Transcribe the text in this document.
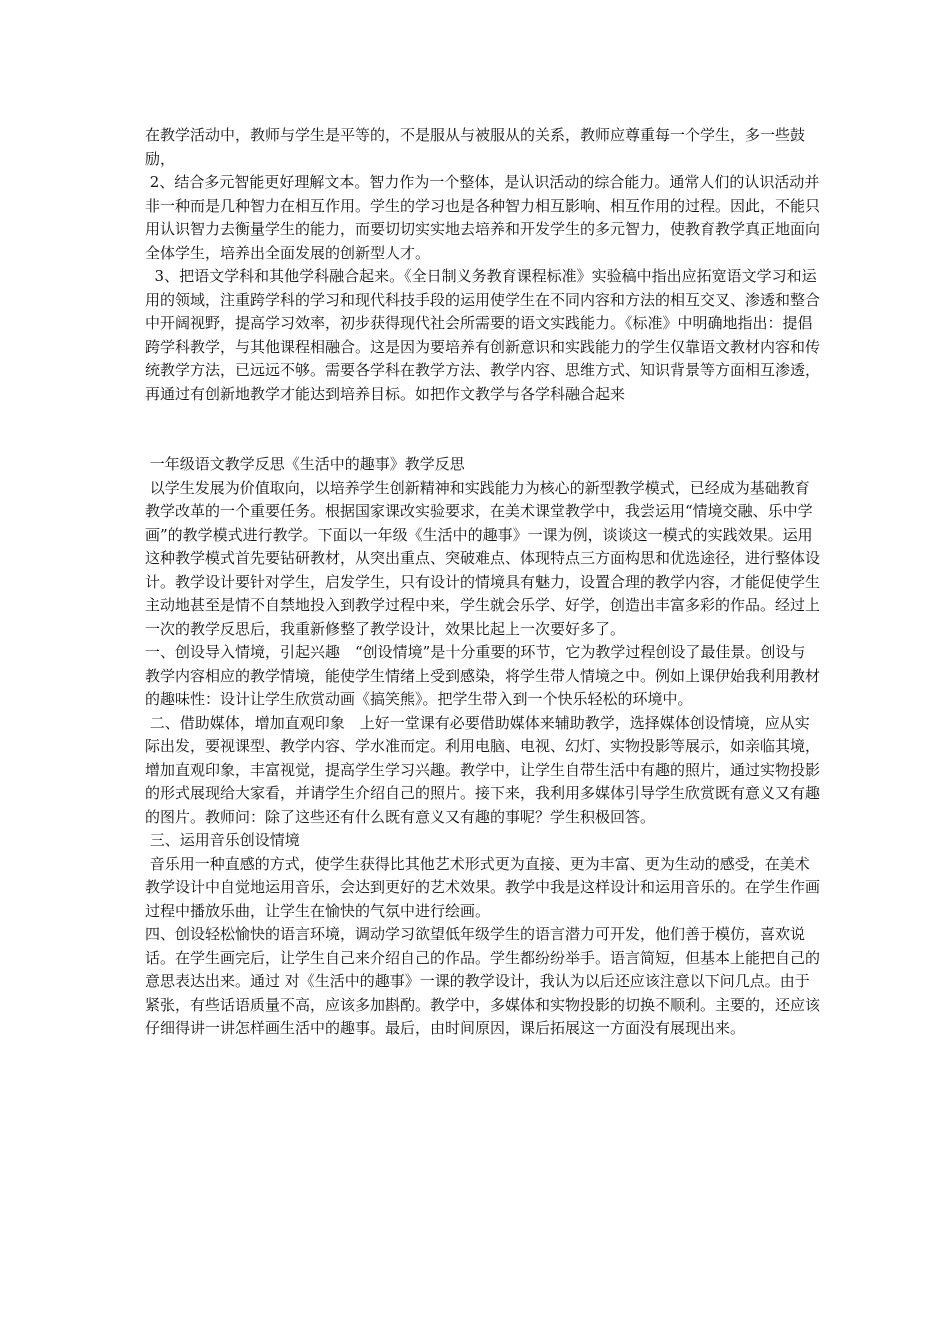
在教学活动中，教师与学生是平等的，不是服从与被服从的关系，教师应尊重每一个学生，多一些鼓励，

2、结合多元智能更好理解文本。智力作为一个整体，是认识活动的综合能力。通常人们的认识活动并非一种而是几种智力在相互作用。学生的学习也是各种智力相互影响、相互作用的过程。因此，不能只用认识智力去衡量学生的能力，而要切切实实地去培养和开发学生的多元智力，使教育教学真正地面向全体学生，培养出全面发展的创新型人才。

3、把语文学科和其他学科融合起来。《全日制义务教育课程标准》实验稿中指出应拓宽语文学习和运用的领域，注重跨学科的学习和现代科技手段的运用使学生在不同内容和方法的相互交叉、渗透和整合中开阔视野，提高学习效率，初步获得现代社会所需要的语文实践能力。《标准》中明确地指出：提倡跨学科教学，与其他课程相融合。这是因为要培养有创新意识和实践能力的学生仅靠语文教材内容和传统教学方法，已远远不够。需要各学科在教学方法、教学内容、思维方式、知识背景等方面相互渗透，再通过有创新地教学才能达到培养目标。如把作文教学与各学科融合起来

一年级语文教学反思《生活中的趣事》教学反思

以学生发展为价值取向，以培养学生创新精神和实践能力为核心的新型教学模式，已经成为基础教育教学改革的一个重要任务。根据国家课改实验要求，在美术课堂教学中，我尝运用“情境交融、乐中学画”的教学模式进行教学。下面以一年级《生活中的趣事》一课为例，谈谈这一模式的实践效果。运用这种教学模式首先要钻研教材，从突出重点、突破难点、体现特点三方面构思和优选途径，进行整体设计。教学设计要针对学生，启发学生，只有设计的情境具有魅力，设置合理的教学内容，才能促使学生主动地甚至是情不自禁地投入到教学过程中来，学生就会乐学、好学，创造出丰富多彩的作品。经过上一次的教学反思后，我重新修整了教学设计，效果比起上一次要好多了。

一、创设导入情境，引起兴趣　“创设情境”是十分重要的环节，它为教学过程创设了最佳景。创设与教学内容相应的教学情境，能使学生情绪上受到感染，将学生带人情境之中。例如上课伊始我利用教材的趣味性：设计让学生欣赏动画《搞笑熊》。把学生带入到一个快乐轻松的环境中。

二、借助媒体，增加直观印象　上好一堂课有必要借助媒体来辅助教学，选择媒体创设情境，应从实际出发，要视课型、教学内容、学水准而定。利用电脑、电视、幻灯、实物投影等展示，如亲临其境，增加直观印象，丰富视觉，提高学生学习兴趣。教学中，让学生自带生活中有趣的照片，通过实物投影的形式展现给大家看，并请学生介绍自己的照片。接下来，我利用多媒体引导学生欣赏既有意义又有趣的图片。教师问：除了这些还有什么既有意义又有趣的事呢？学生积极回答。

三、运用音乐创设情境

音乐用一种直感的方式，使学生获得比其他艺术形式更为直接、更为丰富、更为生动的感受，在美术教学设计中自觉地运用音乐，会达到更好的艺术效果。教学中我是这样设计和运用音乐的。在学生作画过程中播放乐曲，让学生在愉快的气氛中进行绘画。

四、创设轻松愉快的语言环境，调动学习欲望低年级学生的语言潜力可开发，他们善于模仿，喜欢说话。在学生画完后，让学生自己来介绍自己的作品。学生都纷纷举手。语言简短，但基本上能把自己的意思表达出来。通过 对《生活中的趣事》一课的教学设计，我认为以后还应该注意以下问几点。由于紧张，有些话语质量不高，应该多加斟酌。教学中，多媒体和实物投影的切换不顺利。主要的，还应该仔细得讲一讲怎样画生活中的趣事。最后，由时间原因，课后拓展这一方面没有展现出来。
